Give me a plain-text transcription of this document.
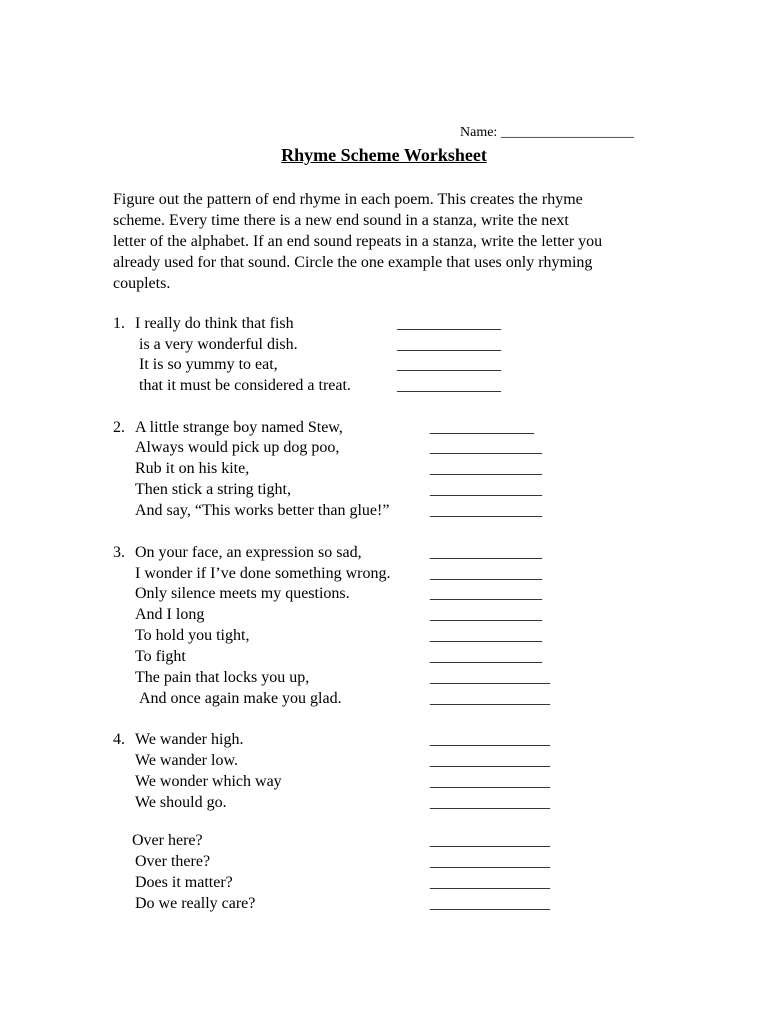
Name: ___________________
Rhyme Scheme Worksheet
Figure out the pattern of end rhyme in each poem. This creates the rhyme
scheme. Every time there is a new end sound in a stanza, write the next
letter of the alphabet. If an end sound repeats in a stanza, write the letter you
already used for that sound. Circle the one example that uses only rhyming
couplets.
1. I really do think that fish
is a very wonderful dish.
It is so yummy to eat,
that it must be considered a treat.
_____________
_____________
_____________
_____________
2. A little strange boy named Stew,
Always would pick up dog poo,
Rub it on his kite,
Then stick a string tight,
And say, “This works better than glue!”
_____________
______________
______________
______________
______________
3. On your face, an expression so sad,
I wonder if I’ve done something wrong.
Only silence meets my questions.
And I long
To hold you tight,
To fight
The pain that locks you up,
And once again make you glad.
______________
______________
______________
______________
______________
______________
_______________
_______________
4. We wander high.
We wander low.
We wonder which way
We should go.
_______________
_______________
_______________
_______________
Over here?
Over there?
Does it matter?
Do we really care?
_______________
_______________
_______________
_______________
